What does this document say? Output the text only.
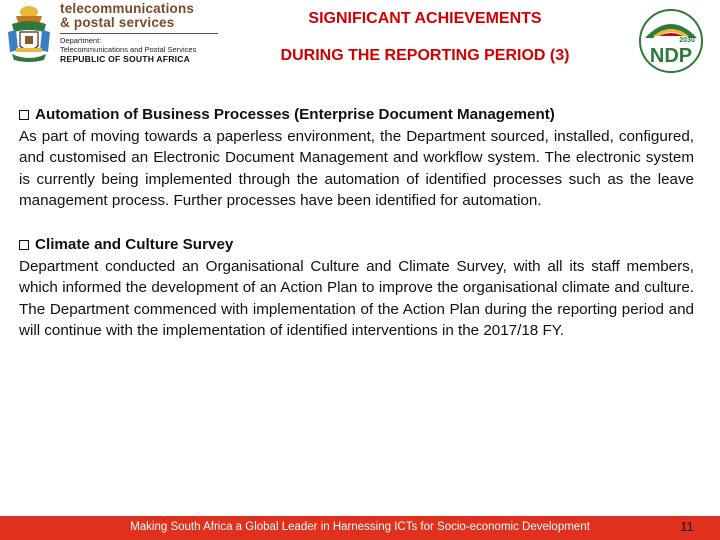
telecommunications
& postal services
Department:
Telecommunications and Postal Services
REPUBLIC OF SOUTH AFRICA
SIGNIFICANT ACHIEVEMENTS
DURING THE REPORTING PERIOD (3)
2030
NDP
Automation of Business Processes (Enterprise Document Management)

As part of moving towards a paperless environment, the Department sourced, installed, configured, and customised an Electronic Document Management and workflow system. The electronic system is currently being implemented through the automation of identified processes such as the leave management process. Further processes have been identified for automation.

Climate and Culture Survey

Department conducted an Organisational Culture and Climate Survey, with all its staff members, which informed the development of an Action Plan to improve the organisational climate and culture. The Department commenced with implementation of the Action Plan during the reporting period and will continue with the implementation of identified interventions in the 2017/18 FY.

Making South Africa a Global Leader in Harnessing ICTs for Socio-economic Development	11
